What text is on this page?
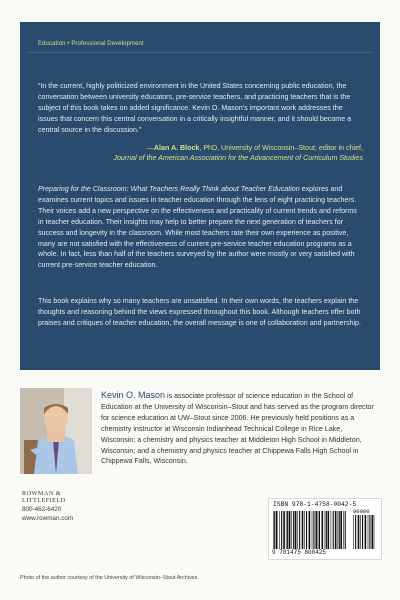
Education • Professional Development
“In the current, highly politicized environment in the United States concerning public education, the conversation between university educators, pre-service teachers, and practicing teachers that is the subject of this book takes on added significance. Kevin O. Mason’s important work addresses the issues that concern this central conversation in a critically insightful manner, and it should become a central source in the discussion.”
—Alan A. Block, PhD, University of Wisconsin–Stout; editor in chief,
Journal of the American Association for the Advancement of Curriculum Studies
Preparing for the Classroom: What Teachers Really Think about Teacher Education explores and examines current topics and issues in teacher education through the lens of eight practicing teachers. Their voices add a new perspective on the effectiveness and practicality of current trends and reforms in teacher education. Their insights may help to better prepare the next generation of teachers for success and longevity in the classroom. While most teachers rate their own experience as positive, many are not satisfied with the effectiveness of current pre-service teacher education programs as a whole. In fact, less than half of the teachers surveyed by the author were mostly or very satisfied with current pre-service teacher education.
This book explains why so many teachers are unsatisfied. In their own words, the teachers explain the thoughts and reasoning behind the views expressed throughout this book. Although teachers offer both praises and critiques of teacher education, the overall message is one of collaboration and partnership.
Kevin O. Mason is associate professor of science education in the School of Education at the University of Wisconsin–Stout and has served as the program director for science education at UW–Stout since 2006. He previously held positions as a chemistry instructor at Wisconsin Indianhead Technical College in Rice Lake, Wisconsin; a chemistry and physics teacher at Middleton High School in Middleton, Wisconsin; and a chemistry and physics teacher at Chippewa Falls High School in Chippewa Falls, Wisconsin.
ROWMAN &
LITTLEFIELD
800-462-6420
www.rowman.com
ISBN 978-1-4758-0042-5
90000
9 781475 800425
Photo of the author courtesy of the University of Wisconsin–Stout Archives.
